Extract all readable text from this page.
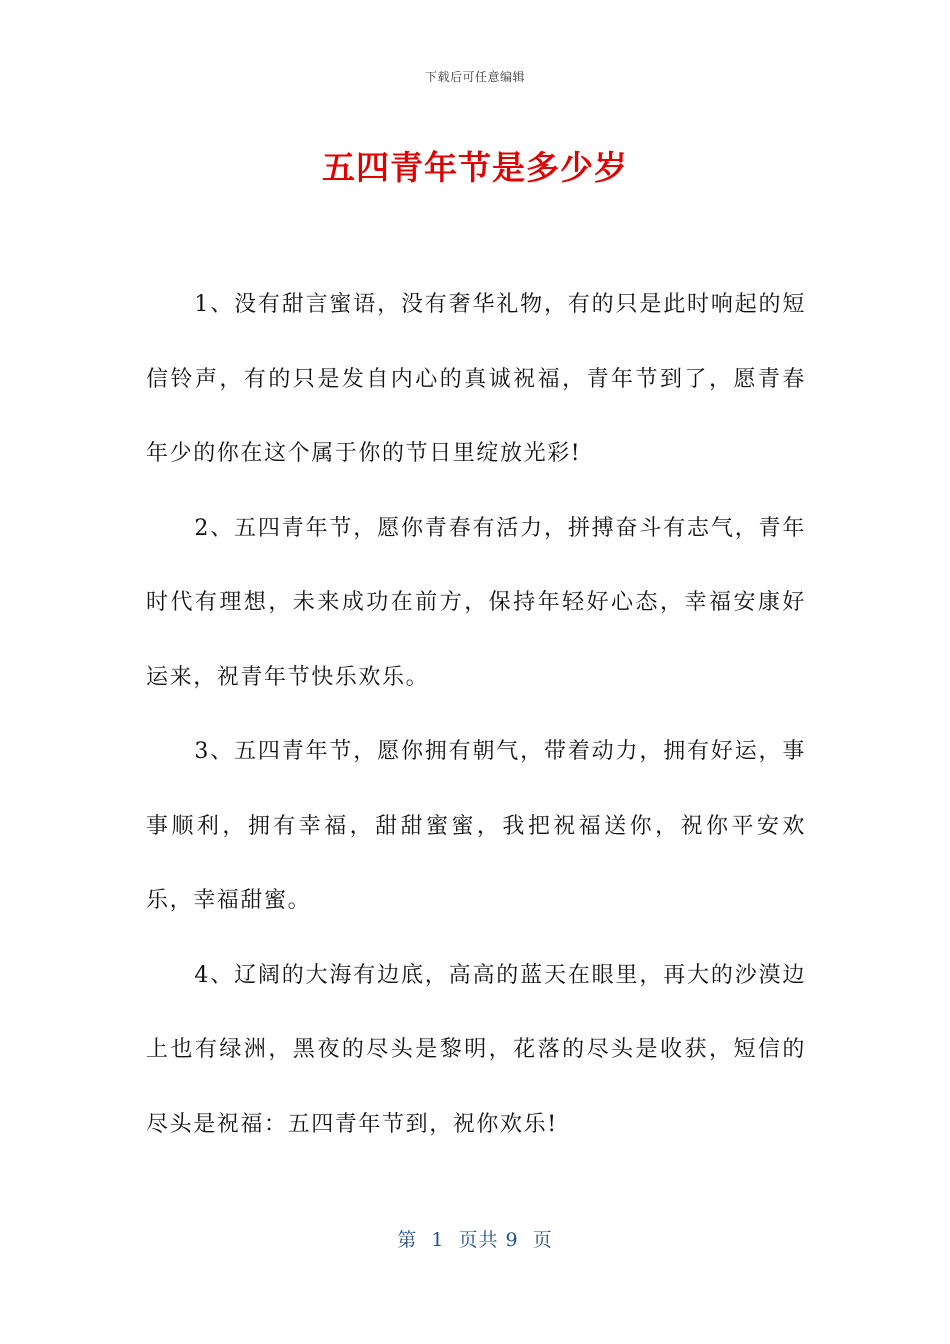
下载后可任意编辑
五四青年节是多少岁

1、没有甜言蜜语，没有奢华礼物，有的只是此时响起的短信铃声，有的只是发自内心的真诚祝福，青年节到了，愿青春年少的你在这个属于你的节日里绽放光彩!

2、五四青年节，愿你青春有活力，拼搏奋斗有志气，青年时代有理想，未来成功在前方，保持年轻好心态，幸福安康好运来，祝青年节快乐欢乐。

3、五四青年节，愿你拥有朝气，带着动力，拥有好运，事事顺利，拥有幸福，甜甜蜜蜜，我把祝福送你，祝你平安欢乐，幸福甜蜜。

4、辽阔的大海有边底，高高的蓝天在眼里，再大的沙漠边上也有绿洲，黑夜的尽头是黎明，花落的尽头是收获，短信的尽头是祝福：五四青年节到，祝你欢乐!

第  1  页共 9  页
